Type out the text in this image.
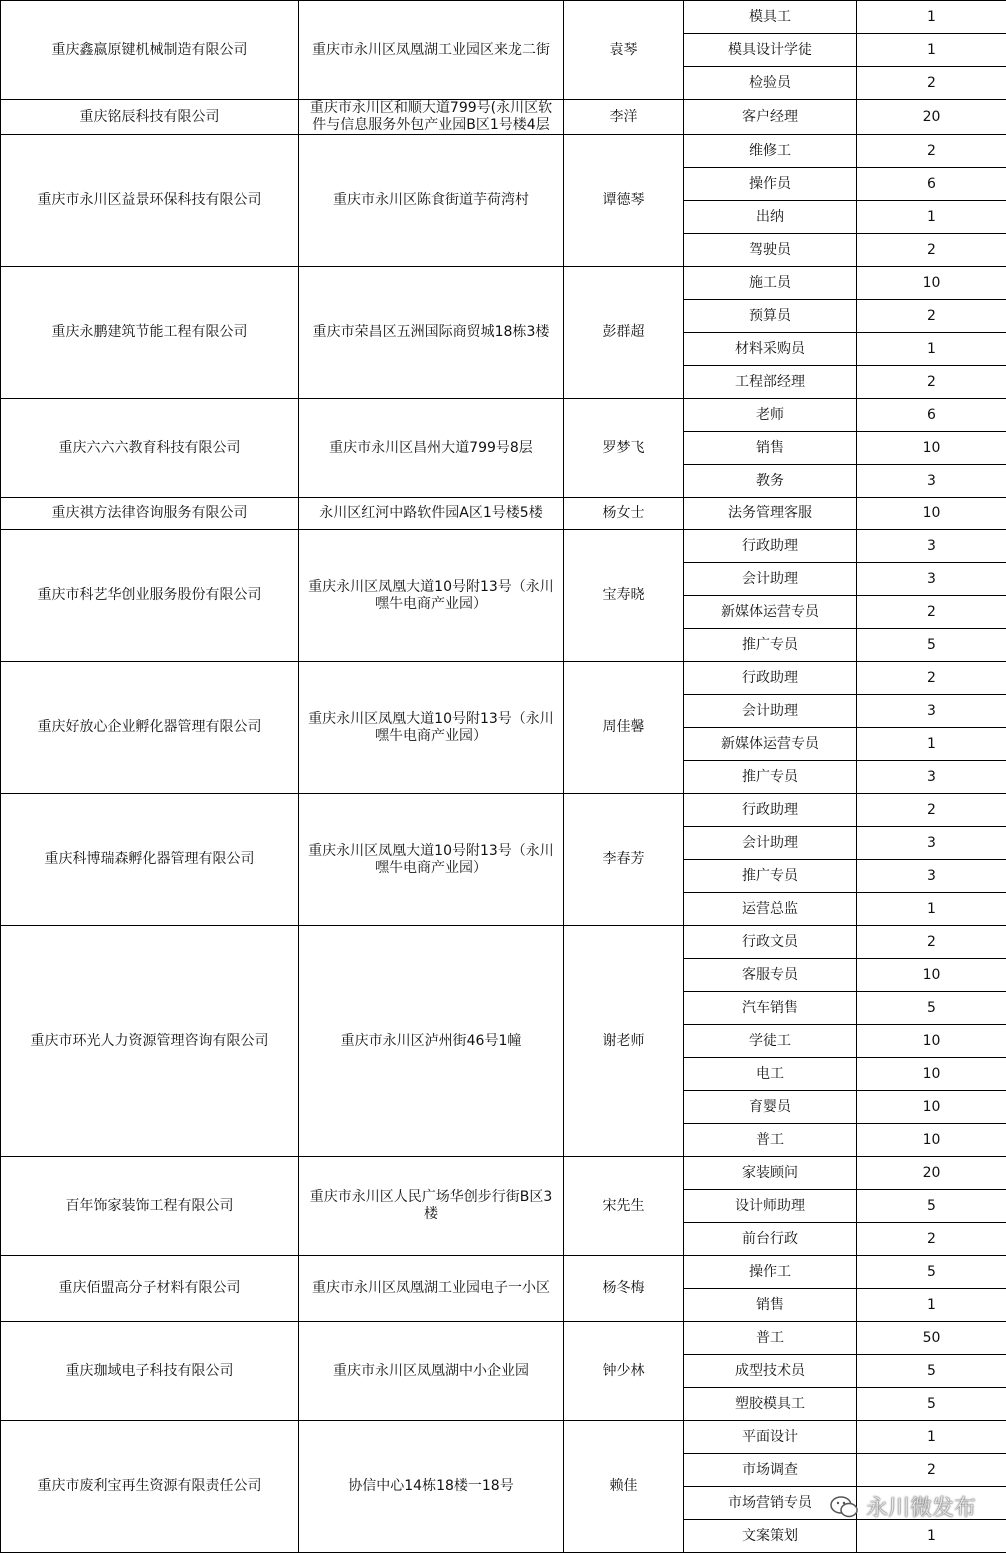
重庆鑫嬴原键机械制造有限公司	重庆市永川区凤凰湖工业园区来龙二街	袁琴	模具工	1
			模具设计学徒	1
			检验员	2
重庆铭辰科技有限公司	重庆市永川区和顺大道799号(永川区软件与信息服务外包产业园B区1号楼4层	李洋	客户经理	20
重庆市永川区益景环保科技有限公司	重庆市永川区陈食街道芋荷湾村	谭德琴	维修工	2
			操作员	6
			出纳	1
			驾驶员	2
重庆永鹏建筑节能工程有限公司	重庆市荣昌区五洲国际商贸城18栋3楼	彭群超	施工员	10
			预算员	2
			材料采购员	1
			工程部经理	2
重庆六六六教育科技有限公司	重庆市永川区昌州大道799号8层	罗梦飞	老师	6
			销售	10
			教务	3
重庆祺方法律咨询服务有限公司	永川区红河中路软件园A区1号楼5楼	杨女士	法务管理客服	10
重庆市科艺华创业服务股份有限公司	重庆永川区凤凰大道10号附13号（永川嘿牛电商产业园）	宝寿晓	行政助理	3
			会计助理	3
			新媒体运营专员	2
			推广专员	5
重庆好放心企业孵化器管理有限公司	重庆永川区凤凰大道10号附13号（永川嘿牛电商产业园）	周佳馨	行政助理	2
			会计助理	3
			新媒体运营专员	1
			推广专员	3
重庆科博瑞森孵化器管理有限公司	重庆永川区凤凰大道10号附13号（永川嘿牛电商产业园）	李春芳	行政助理	2
			会计助理	3
			推广专员	3
			运营总监	1
重庆市环光人力资源管理咨询有限公司	重庆市永川区泸州街46号1幢	谢老师	行政文员	2
			客服专员	10
			汽车销售	5
			学徒工	10
			电工	10
			育婴员	10
			普工	10
百年饰家装饰工程有限公司	重庆市永川区人民广场华创步行街B区3楼	宋先生	家装顾问	20
			设计师助理	5
			前台行政	2
重庆佰盟高分子材料有限公司	重庆市永川区凤凰湖工业园电子一小区	杨冬梅	操作工	5
			销售	1
重庆珈域电子科技有限公司	重庆市永川区凤凰湖中小企业园	钟少林	普工	50
			成型技术员	5
			塑胶模具工	5
重庆市废利宝再生资源有限责任公司	协信中心14栋18楼一18号	赖佳	平面设计	1
			市场调查	2
			市场营销专员	
			文案策划	1
永川微发布
